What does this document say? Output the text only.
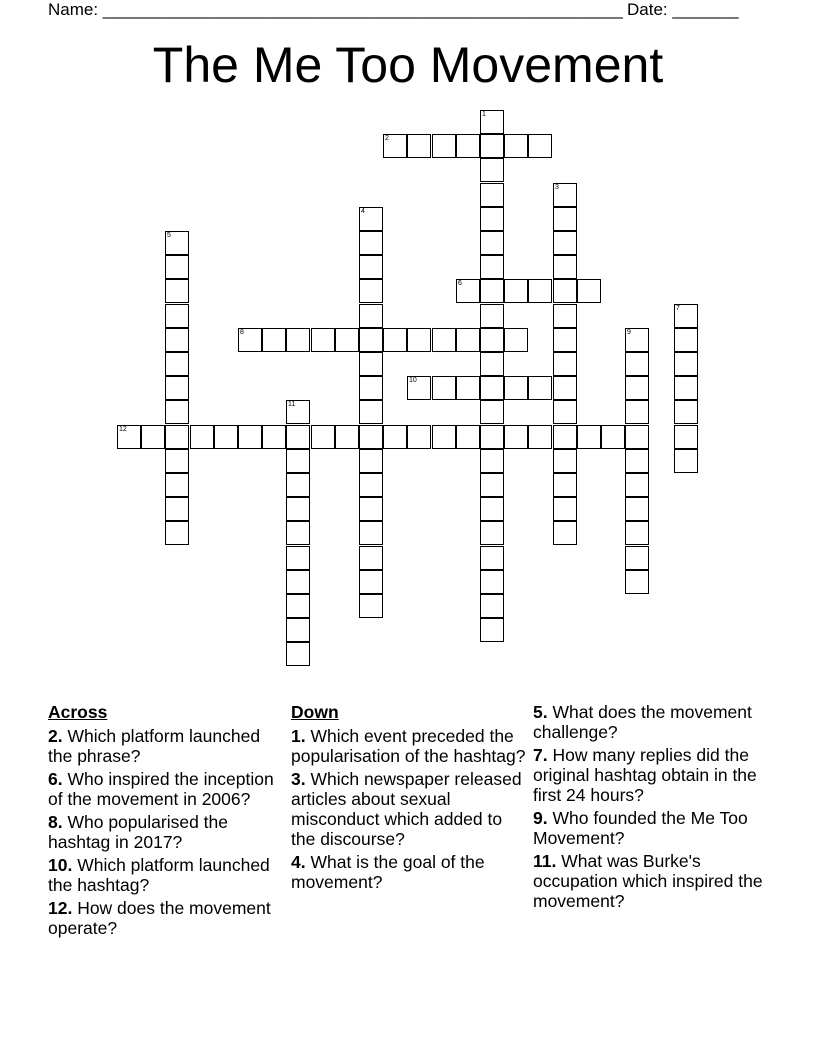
Name: _______________________________________________________ Date: _______
The Me Too Movement
1
2
3
4
5
6
7
8	9
10
11
12
Across
2. Which platform launched the phrase?
6. Who inspired the inception of the movement in 2006?
8. Who popularised the hashtag in 2017?
10. Which platform launched the hashtag?
12. How does the movement operate?
Down
1. Which event preceded the popularisation of the hashtag?
3. Which newspaper released articles about sexual misconduct which added to the discourse?
4. What is the goal of the movement?
5. What does the movement challenge?
7. How many replies did the original hashtag obtain in the first 24 hours?
9. Who founded the Me Too Movement?
11. What was Burke's occupation which inspired the movement?
